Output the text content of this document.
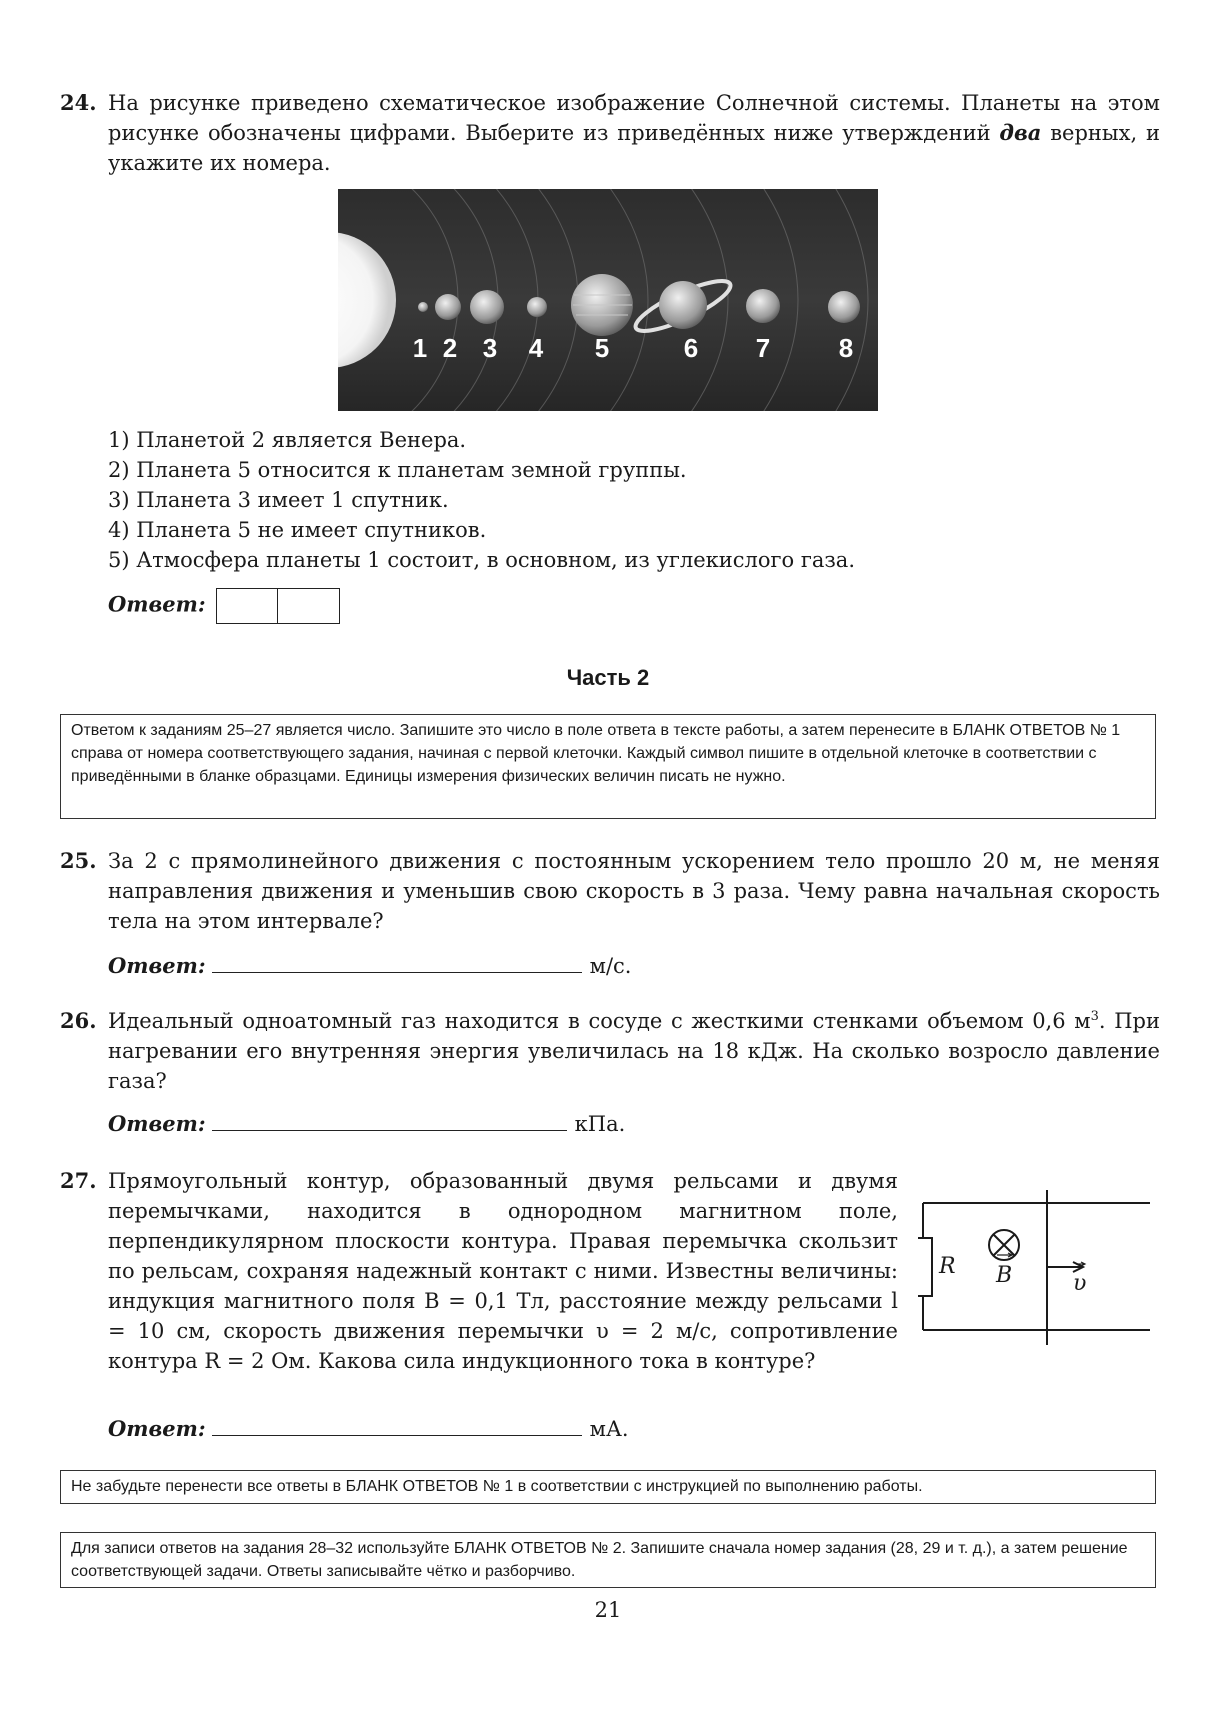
24. На рисунке приведено схематическое изображение Солнечной системы. Планеты на этом рисунке обозначены цифрами. Выберите из приведённых ниже утверждений два верных, и укажите их номера.
1 2 3 4 5	6 7	8
1) Планетой 2 является Венера.
2) Планета 5 относится к планетам земной группы.
3) Планета 3 имеет 1 спутник.
4) Планета 5 не имеет спутников.
5) Атмосфера планеты 1 состоит, в основном, из углекислого газа.
Ответ:
Часть 2
Ответом к заданиям 25–27 является число. Запишите это число в поле ответа в тексте работы, а затем перенесите в БЛАНК ОТВЕТОВ № 1 справа от номера соответствующего задания, начиная с первой клеточки. Каждый символ пишите в отдельной клеточке в соответствии с приведёнными в бланке образцами. Единицы измерения физических величин писать не нужно.
25. За 2 с прямолинейного движения с постоянным ускорением тело прошло 20 м, не меняя направления движения и уменьшив свою скорость в 3 раза. Чему равна начальная скорость тела на этом интервале?
Ответ:	м/с.
26. Идеальный одноатомный газ находится в сосуде с жесткими стенками объемом 0,6 $м^3$. При нагревании его внутренняя энергия увеличилась на 18 кДж. На сколько возросло давление газа?
Ответ:	кПа.
27. Прямоугольный контур, образованный двумя рельсами и двумя перемычками, находится в однородном магнитном поле, перпендикулярном плоскости контура. Правая перемычка скользит по рельсам, сохраняя надежный контакт с ними. Известны величины: индукция магнитного поля B = 0,1 Тл, расстояние между рельсами l = 10 см, скорость движения перемычки υ = 2 м/с, сопротивление контура R = 2 Ом. Какова сила индукционного тока в контуре?
R B	υ
Ответ:	мА.
Не забудьте перенести все ответы в БЛАНК ОТВЕТОВ № 1 в соответствии с инструкцией по выполнению работы.
Для записи ответов на задания 28–32 используйте БЛАНК ОТВЕТОВ № 2. Запишите сначала номер задания (28, 29 и т. д.), а затем решение соответствующей задачи. Ответы записывайте чётко и разборчиво.
21
